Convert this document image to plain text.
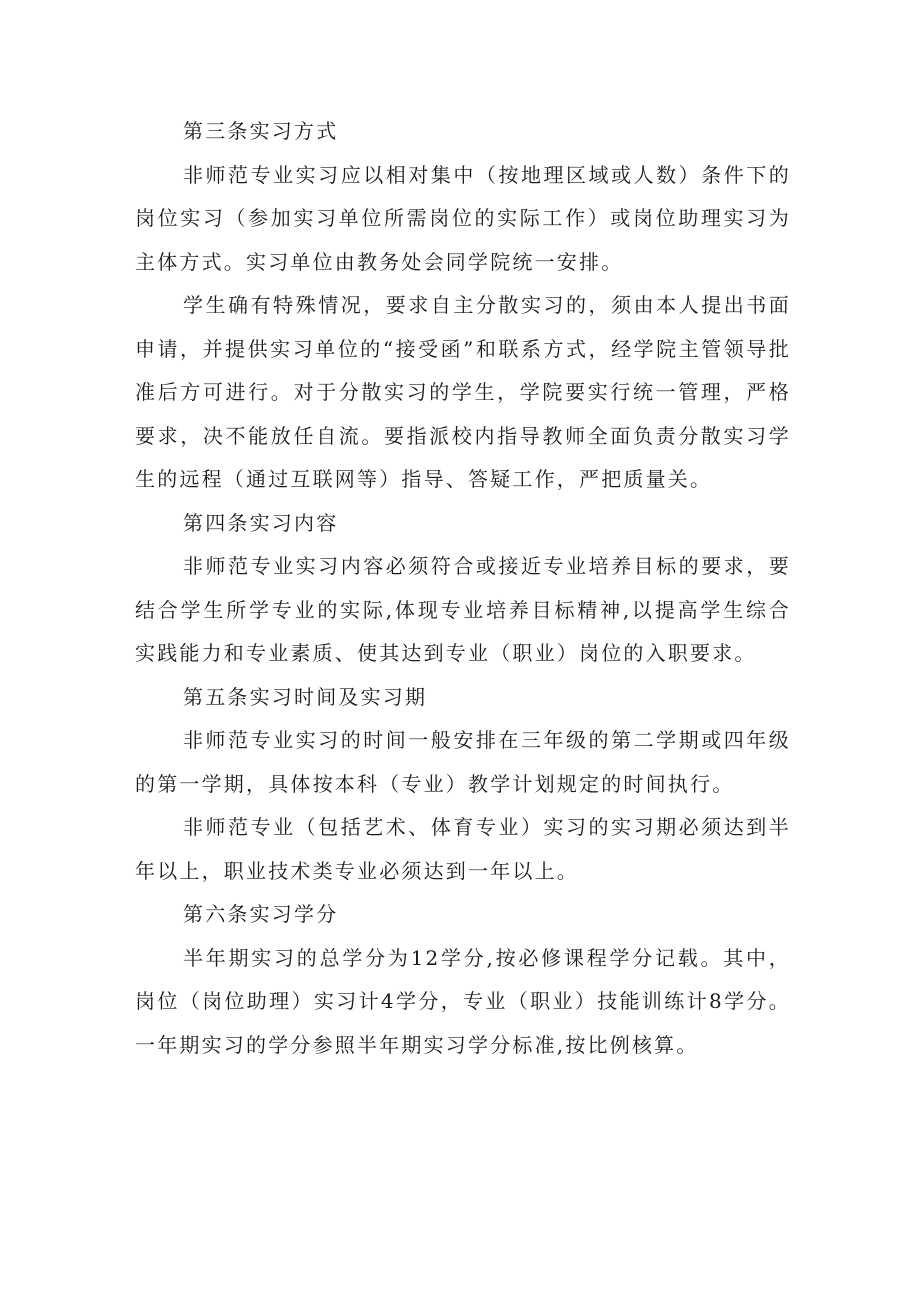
第三条实习方式

非师范专业实习应以相对集中（按地理区域或人数）条件下的岗位实习（参加实习单位所需岗位的实际工作）或岗位助理实习为主体方式。实习单位由教务处会同学院统一安排。

学生确有特殊情况，要求自主分散实习的，须由本人提出书面申请，并提供实习单位的“接受函”和联系方式，经学院主管领导批准后方可进行。对于分散实习的学生，学院要实行统一管理，严格要求，决不能放任自流。要指派校内指导教师全面负责分散实习学生的远程（通过互联网等）指导、答疑工作，严把质量关。

第四条实习内容

非师范专业实习内容必须符合或接近专业培养目标的要求，要结合学生所学专业的实际,体现专业培养目标精神,以提高学生综合实践能力和专业素质、使其达到专业（职业）岗位的入职要求。

第五条实习时间及实习期

非师范专业实习的时间一般安排在三年级的第二学期或四年级的第一学期，具体按本科（专业）教学计划规定的时间执行。

非师范专业（包括艺术、体育专业）实习的实习期必须达到半年以上，职业技术类专业必须达到一年以上。

第六条实习学分

半年期实习的总学分为12学分,按必修课程学分记载。其中，岗位（岗位助理）实习计4学分，专业（职业）技能训练计8学分。一年期实习的学分参照半年期实习学分标准,按比例核算。
